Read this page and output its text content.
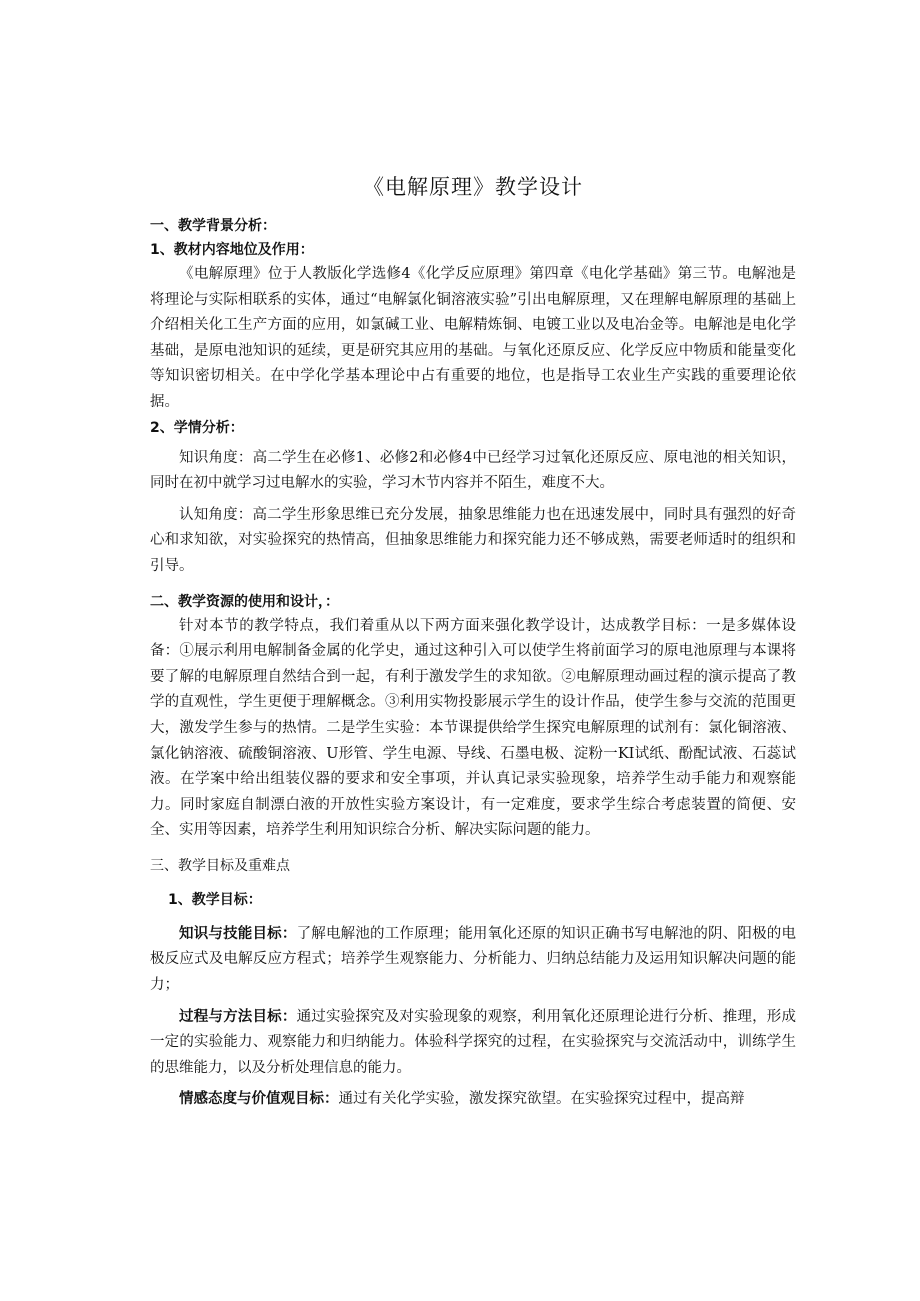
《电解原理》教学设计
一、教学背景分析：
1、教材内容地位及作用：

《电解原理》位于人教版化学选修4《化学反应原理》第四章《电化学基础》第三节。电解池是将理论与实际相联系的实体，通过“电解氯化铜溶液实验”引出电解原理，又在理解电解原理的基础上介绍相关化工生产方面的应用，如氯碱工业、电解精炼铜、电镀工业以及电冶金等。电解池是电化学基础，是原电池知识的延续，更是研究其应用的基础。与氧化还原反应、化学反应中物质和能量变化等知识密切相关。在中学化学基本理论中占有重要的地位，也是指导工农业生产实践的重要理论依据。

2、学情分析：

知识角度：高二学生在必修1、必修2和必修4中已经学习过氧化还原反应、原电池的相关知识，同时在初中就学习过电解水的实验，学习木节内容并不陌生，难度不大。

认知角度：高二学生形象思维已充分发展，抽象思维能力也在迅速发展中，同时具有强烈的好奇心和求知欲，对实验探究的热情高，但抽象思维能力和探究能力还不够成熟，需要老师适时的组织和引导。

二、教学资源的使用和设计，：

针对本节的教学特点，我们着重从以下两方面来强化教学设计，达成教学目标：一是多媒体设备：①展示利用电解制备金属的化学史，通过这种引入可以使学生将前面学习的原电池原理与本课将要了解的电解原理自然结合到一起，有利于激发学生的求知欲。②电解原理动画过程的演示提高了教学的直观性，学生更便于理解概念。③利用实物投影展示学生的设计作品，使学生参与交流的范围更大，激发学生参与的热情。二是学生实验：本节课提供给学生探究电解原理的试剂有：氯化铜溶液、氯化钠溶液、硫酸铜溶液、U形管、学生电源、导线、石墨电极、淀粉一KI试纸、酚配试液、石蕊试液。在学案中给出组装仪器的要求和安全事项，并认真记录实验现象，培养学生动手能力和观察能力。同时家庭自制漂白液的开放性实验方案设计，有一定难度，要求学生综合考虑装置的简便、安全、实用等因素，培养学生利用知识综合分析、解决实际问题的能力。

三、教学目标及重难点
1、教学目标：

知识与技能目标：了解电解池的工作原理；能用氧化还原的知识正确书写电解池的阴、阳极的电极反应式及电解反应方程式；培养学生观察能力、分析能力、归纳总结能力及运用知识解决问题的能力；

过程与方法目标：通过实验探究及对实验现象的观察，利用氧化还原理论进行分析、推理，形成一定的实验能力、观察能力和归纳能力。体验科学探究的过程，在实验探究与交流活动中，训练学生的思维能力，以及分析处理信息的能力。

情感态度与价值观目标：通过有关化学实验，激发探究欲望。在实验探究过程中，提高辩
